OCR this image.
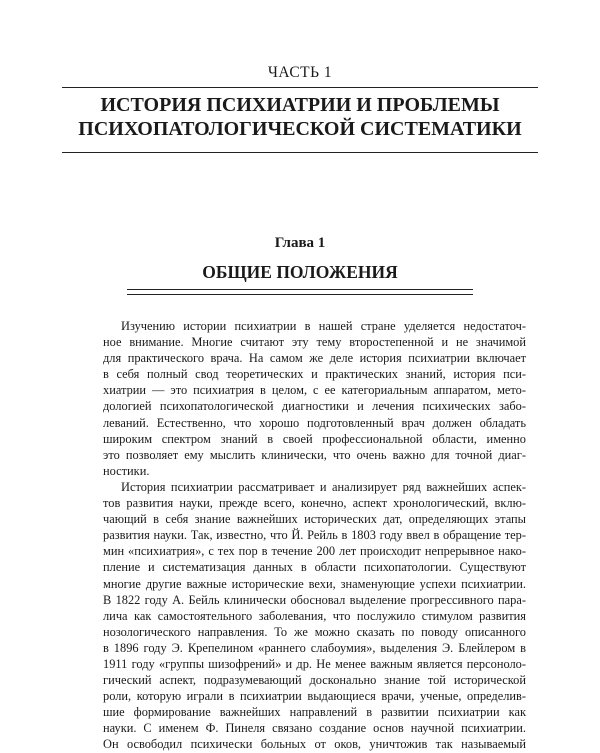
ЧАСТЬ 1
ИСТОРИЯ ПСИХИАТРИИ И ПРОБЛЕМЫ
ПСИХОПАТОЛОГИЧЕСКОЙ СИСТЕМАТИКИ
Глава 1
ОБЩИЕ ПОЛОЖЕНИЯ
Изучению истории психиатрии в нашей стране уделяется недостаточ-
ное внимание. Многие считают эту тему второстепенной и не значимой
для практического врача. На самом же деле история психиатрии включает
в себя полный свод теоретических и практических знаний, история пси-
хиатрии — это психиатрия в целом, с ее категориальным аппаратом, мето-
дологией психопатологической диагностики и лечения психических забо-
леваний. Естественно, что хорошо подготовленный врач должен обладать
широким спектром знаний в своей профессиональной области, именно
это позволяет ему мыслить клинически, что очень важно для точной диаг-
ностики.
История психиатрии рассматривает и анализирует ряд важнейших аспек-
тов развития науки, прежде всего, конечно, аспект хронологический, вклю-
чающий в себя знание важнейших исторических дат, определяющих этапы
развития науки. Так, известно, что Й. Рейль в 1803 году ввел в обращение тер-
мин «психиатрия», с тех пор в течение 200 лет происходит непрерывное нако-
пление и систематизация данных в области психопатологии. Существуют
многие другие важные исторические вехи, знаменующие успехи психиатрии.
В 1822 году А. Бейль клинически обосновал выделение прогрессивного пара-
лича как самостоятельного заболевания, что послужило стимулом развития
нозологического направления. То же можно сказать по поводу описанного
в 1896 году Э. Крепелином «раннего слабоумия», выделения Э. Блейлером в
1911 году «группы шизофрений» и др. Не менее важным является персоноло-
гический аспект, подразумевающий досконально знание той исторической
роли, которую играли в психиатрии выдающиеся врачи, ученые, определив-
шие формирование важнейших направлений в развитии психиатрии как
науки. С именем Ф. Пинеля связано создание основ научной психиатрии.
Он освободил психически больных от оков, уничтожив так называемый
